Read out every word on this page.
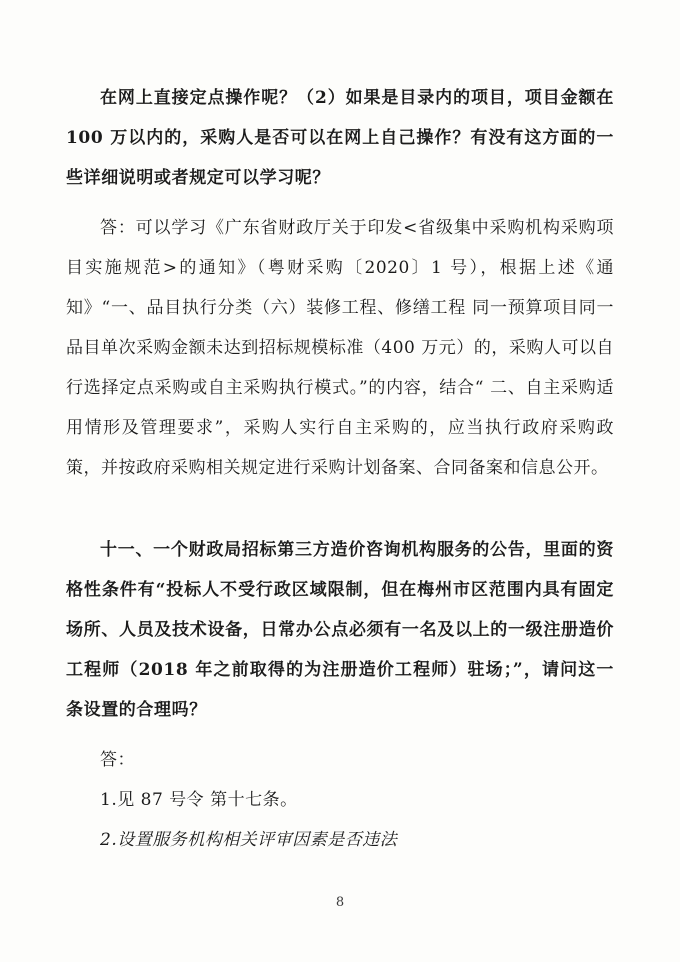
在网上直接定点操作呢？（2）如果是目录内的项目，项目金额在 100 万以内的，采购人是否可以在网上自己操作？有没有这方面的一些详细说明或者规定可以学习呢？

答：可以学习《广东省财政厅关于印发<省级集中采购机构采购项目实施规范>的通知》（粤财采购〔2020〕1 号），根据上述《通知》“一、品目执行分类（六）装修工程、修缮工程 同一预算项目同一品目单次采购金额未达到招标规模标准（400 万元）的，采购人可以自行选择定点采购或自主采购执行模式。”的内容，结合“ 二、自主采购适用情形及管理要求”，采购人实行自主采购的，应当执行政府采购政策，并按政府采购相关规定进行采购计划备案、合同备案和信息公开。

十一、一个财政局招标第三方造价咨询机构服务的公告，里面的资格性条件有“投标人不受行政区域限制，但在梅州市区范围内具有固定场所、人员及技术设备，日常办公点必须有一名及以上的一级注册造价工程师（2018 年之前取得的为注册造价工程师）驻场；”，请问这一条设置的合理吗？

答：

1.见 87 号令 第十七条。

2.设置服务机构相关评审因素是否违法

8
